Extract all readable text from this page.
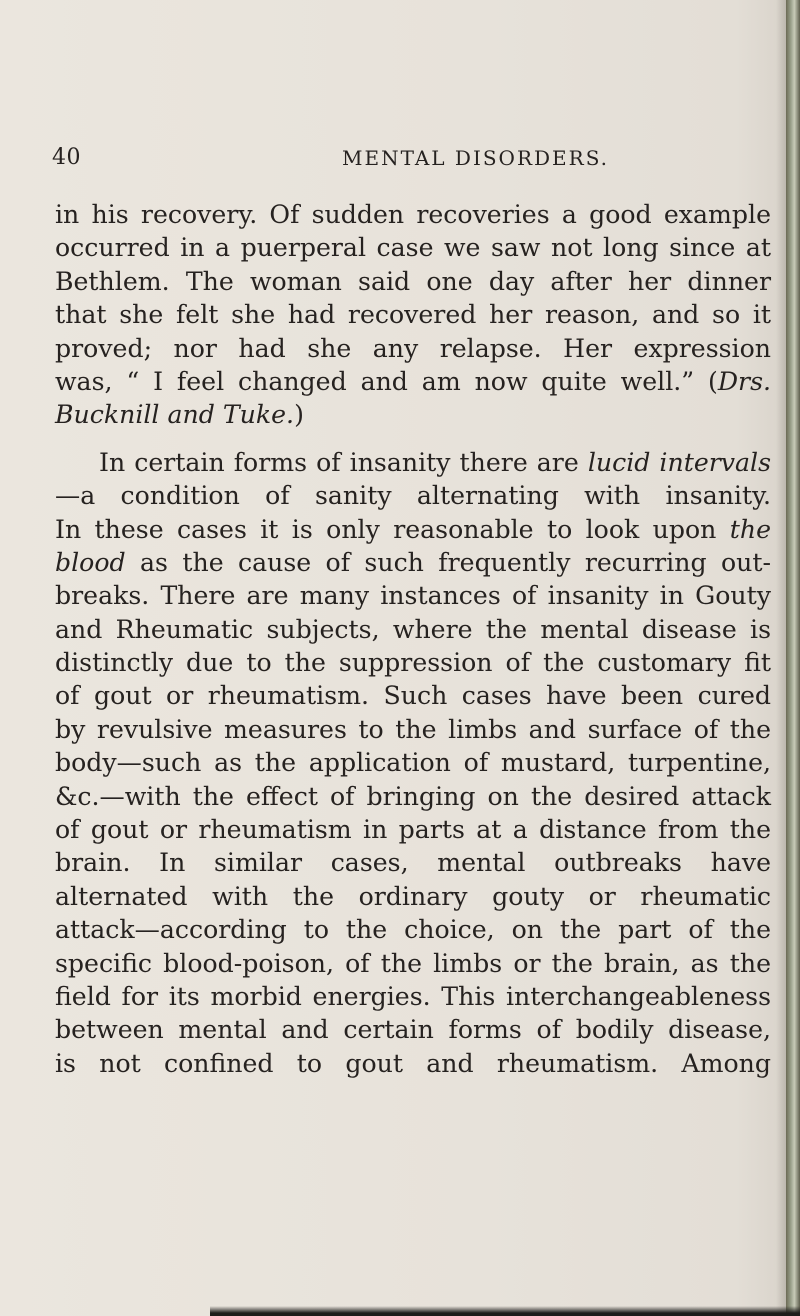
40	MENTAL DISORDERS.
in his recovery. Of sudden recoveries a good example
occurred in a puerperal case we saw not long since at
Bethlem. The woman said one day after her dinner
that she felt she had recovered her reason, and so it
proved; nor had she any relapse. Her expression
was, “ I feel changed and am now quite well.” (Drs.
Bucknill and Tuke.)
In certain forms of insanity there are lucid intervals
—a condition of sanity alternating with insanity.
In these cases it is only reasonable to look upon the
blood as the cause of such frequently recurring out-
breaks. There are many instances of insanity in Gouty
and Rheumatic subjects, where the mental disease is
distinctly due to the suppression of the customary fit
of gout or rheumatism. Such cases have been cured
by revulsive measures to the limbs and surface of the
body—such as the application of mustard, turpentine,
&c.—with the effect of bringing on the desired attack
of gout or rheumatism in parts at a distance from the
brain. In similar cases, mental outbreaks have
alternated with the ordinary gouty or rheumatic
attack—according to the choice, on the part of the
specific blood-poison, of the limbs or the brain, as the
field for its morbid energies. This interchangeableness
between mental and certain forms of bodily disease,
is not confined to gout and rheumatism. Among
